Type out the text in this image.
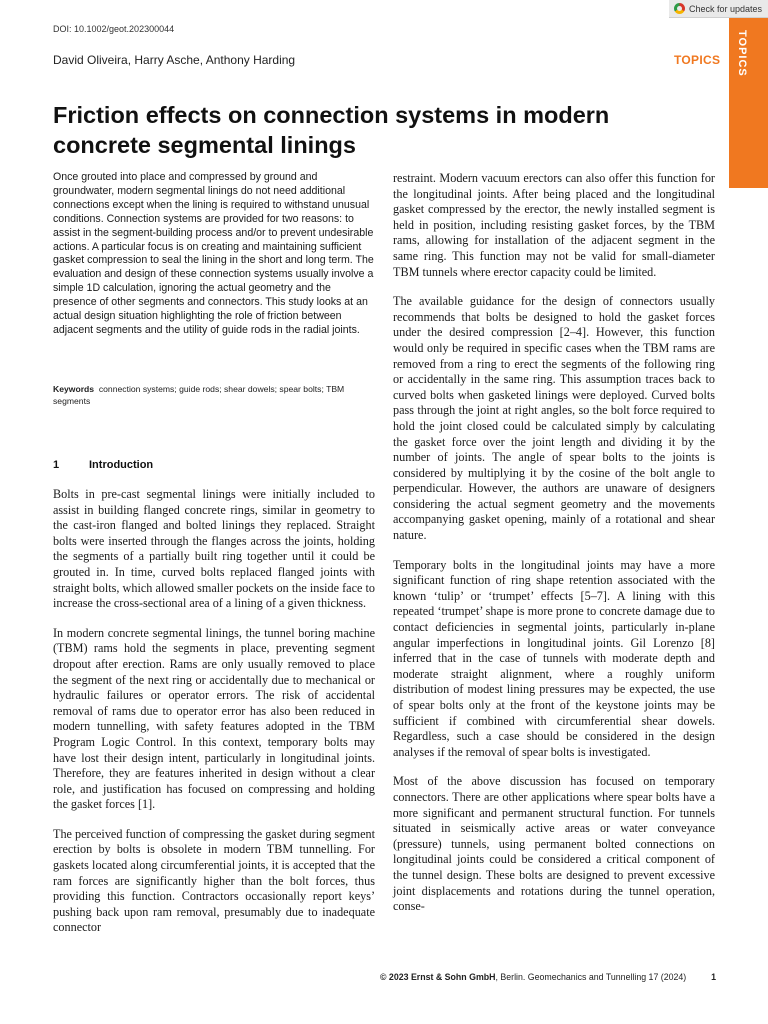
DOI: 10.1002/geot.202300044
Check for updates
TOPICS
TOPICS
David Oliveira, Harry Asche, Anthony Harding
Friction effects on connection systems in modern concrete segmental linings

Once grouted into place and compressed by ground and groundwater, modern segmental linings do not need additional connections except when the lining is required to withstand unusual conditions. Connection systems are provided for two reasons: to assist in the segment-building process and/or to prevent undesirable actions. A particular focus is on creating and maintaining sufficient gasket compression to seal the lining in the short and long term. The evaluation and design of these connection systems usually involve a simple 1D calculation, ignoring the actual geometry and the presence of other segments and connectors. This study looks at an actual design situation highlighting the role of friction between adjacent segments and the utility of guide rods in the radial joints.

Keywords connection systems; guide rods; shear dowels; spear bolts; TBM segments

1	Introduction

Bolts in pre-cast segmental linings were initially included to assist in building flanged concrete rings, similar in geometry to the cast-iron flanged and bolted linings they replaced. Straight bolts were inserted through the flanges across the joints, holding the segments of a partially built ring together until it could be grouted in. In time, curved bolts replaced flanged joints with straight bolts, which allowed smaller pockets on the inside face to increase the cross-sectional area of a lining of a given thickness.

In modern concrete segmental linings, the tunnel boring machine (TBM) rams hold the segments in place, preventing segment dropout after erection. Rams are only usually removed to place the segment of the next ring or accidentally due to mechanical or hydraulic failures or operator errors. The risk of accidental removal of rams due to operator error has also been reduced in modern tunnelling, with safety features adopted in the TBM Program Logic Control. In this context, temporary bolts may have lost their design intent, particularly in longitudinal joints. Therefore, they are features inherited in design without a clear role, and justification has focused on compressing and holding the gasket forces [1].

The perceived function of compressing the gasket during segment erection by bolts is obsolete in modern TBM tunnelling. For gaskets located along circumferential joints, it is accepted that the ram forces are significantly higher than the bolt forces, thus providing this function. Contractors occasionally report keys’ pushing back upon ram removal, presumably due to inadequate connector

restraint. Modern vacuum erectors can also offer this function for the longitudinal joints. After being placed and the longitudinal gasket compressed by the erector, the newly installed segment is held in position, including resisting gasket forces, by the TBM rams, allowing for installation of the adjacent segment in the same ring. This function may not be valid for small-diameter TBM tunnels where erector capacity could be limited.

The available guidance for the design of connectors usually recommends that bolts be designed to hold the gasket forces under the desired compression [2–4]. However, this function would only be required in specific cases when the TBM rams are removed from a ring to erect the segments of the following ring or accidentally in the same ring. This assumption traces back to curved bolts when gasketed linings were deployed. Curved bolts pass through the joint at right angles, so the bolt force required to hold the joint closed could be calculated simply by calculating the gasket force over the joint length and dividing it by the number of joints. The angle of spear bolts to the joints is considered by multiplying it by the cosine of the bolt angle to perpendicular. However, the authors are unaware of designers considering the actual segment geometry and the movements accompanying gasket opening, mainly of a rotational and shear nature.

Temporary bolts in the longitudinal joints may have a more significant function of ring shape retention associated with the known ‘tulip’ or ‘trumpet’ effects [5–7]. A lining with this repeated ‘trumpet’ shape is more prone to concrete damage due to contact deficiencies in segmental joints, particularly in-plane angular imperfections in longitudinal joints. Gil Lorenzo [8] inferred that in the case of tunnels with moderate depth and moderate straight alignment, where a roughly uniform distribution of modest lining pressures may be expected, the use of spear bolts only at the front of the keystone joints may be sufficient if combined with circumferential shear dowels. Regardless, such a case should be considered in the design analyses if the removal of spear bolts is investigated.

Most of the above discussion has focused on temporary connectors. There are other applications where spear bolts have a more significant and permanent structural function. For tunnels situated in seismically active areas or water conveyance (pressure) tunnels, using permanent bolted connections on longitudinal joints could be considered a critical component of the tunnel design. These bolts are designed to prevent excessive joint displacements and rotations during the tunnel operation, conse-

© 2023 Ernst & Sohn GmbH, Berlin. Geomechanics and Tunnelling 17 (2024)	1
